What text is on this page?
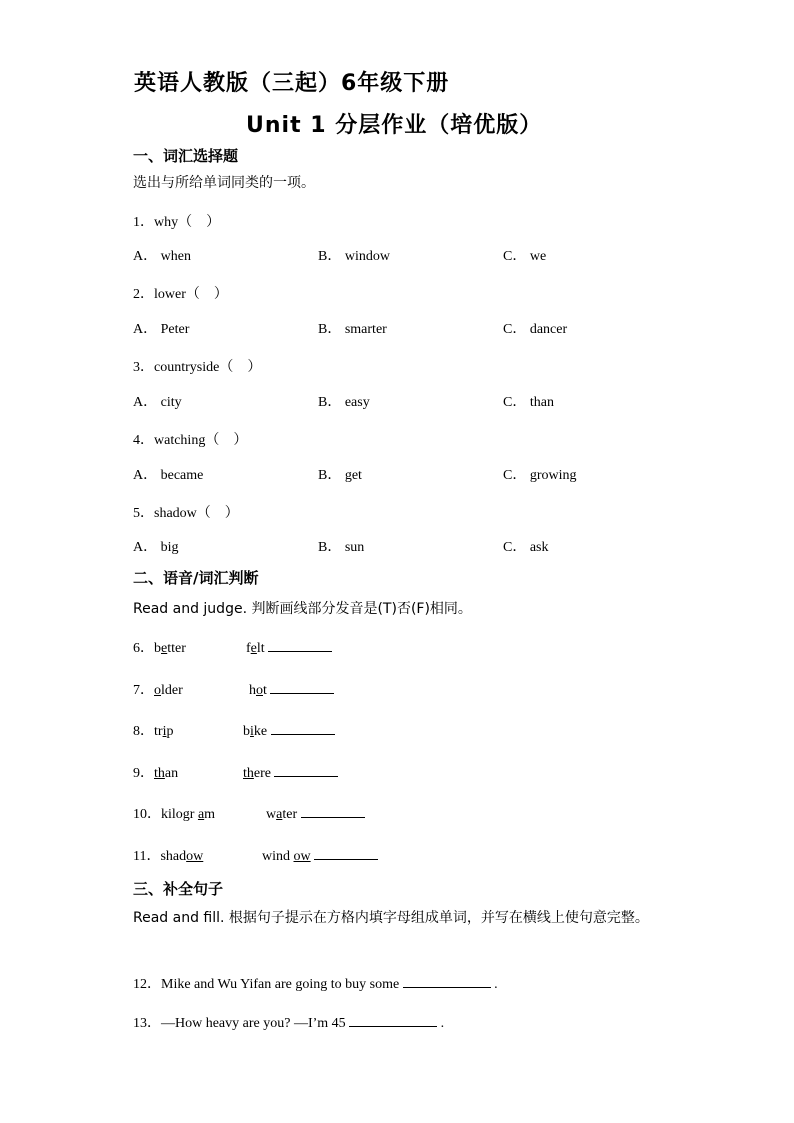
英语人教版（三起）6年级下册
Unit 1 分层作业（培优版）
一、词汇选择题
选出与所给单词同类的一项。
1．why（　）
A． when	B． window	C． we
2．lower（　）
A． Peter	B． smarter	C． dancer
3．countryside（　）
A． city	B． easy	C． than
4．watching（　）
A． became	B． get	C． growing
5．shadow（　）
A． big	B． sun	C． ask
二、语音/词汇判断
Read and judge. 判断画线部分发音是(T)否(F)相同。
6．better	felt
7．older	hot
8．trip	bike
9．than	there
10．kilogr am	water
11．shadow	wind ow
三、补全句子
Read and fill. 根据句子提示在方格内填字母组成单词，并写在横线上使句意完整。
12．Mike and Wu Yifan are going to buy some	.
13．—How heavy are you? —I’m 45	.
